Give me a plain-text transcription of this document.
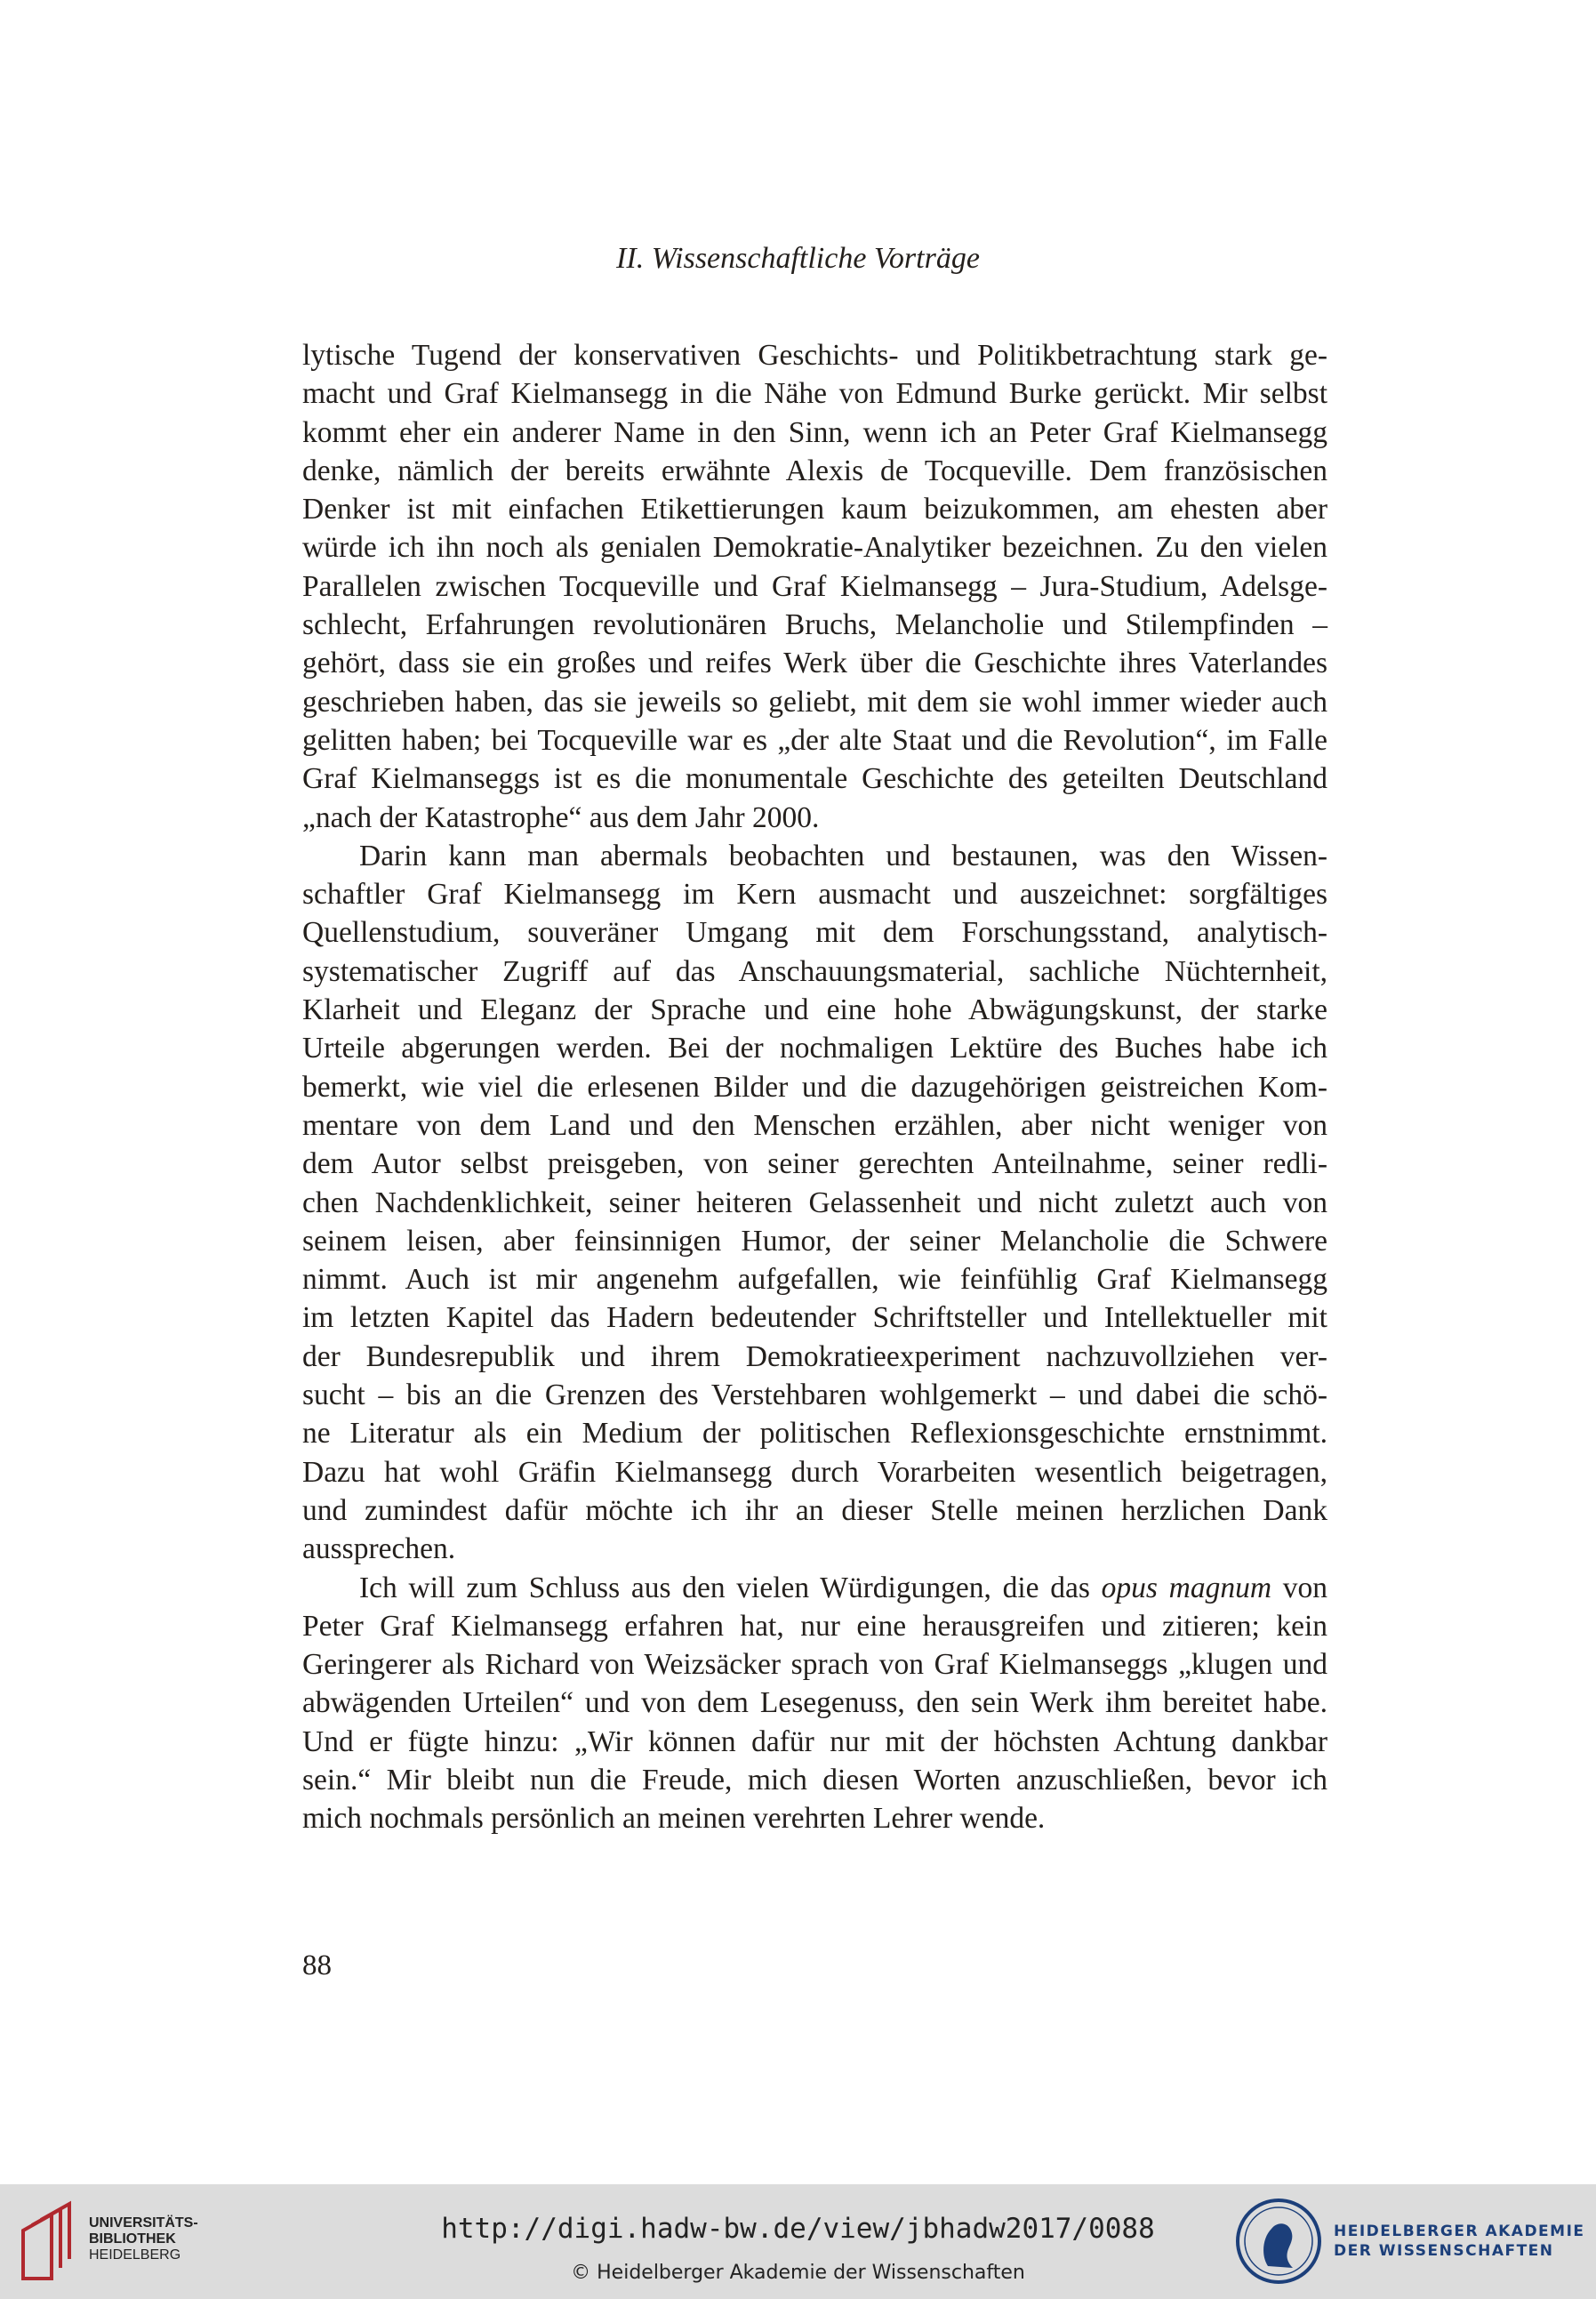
II. Wissenschaftliche Vorträge
lytische Tugend der konservativen Geschichts- und Politikbetrachtung stark ge-
macht und Graf Kielmansegg in die Nähe von Edmund Burke gerückt. Mir selbst
kommt eher ein anderer Name in den Sinn, wenn ich an Peter Graf Kielmansegg
denke, nämlich der bereits erwähnte Alexis de Tocqueville. Dem französischen
Denker ist mit einfachen Etikettierungen kaum beizukommen, am ehesten aber
würde ich ihn noch als genialen Demokratie-Analytiker bezeichnen. Zu den vielen
Parallelen zwischen Tocqueville und Graf Kielmansegg – Jura-Studium, Adelsge-
schlecht, Erfahrungen revolutionären Bruchs, Melancholie und Stilempfinden –
gehört, dass sie ein großes und reifes Werk über die Geschichte ihres Vaterlandes
geschrieben haben, das sie jeweils so geliebt, mit dem sie wohl immer wieder auch
gelitten haben; bei Tocqueville war es „der alte Staat und die Revolution“, im Falle
Graf Kielmanseggs ist es die monumentale Geschichte des geteilten Deutschland
„nach der Katastrophe“ aus dem Jahr 2000.
Darin kann man abermals beobachten und bestaunen, was den Wissen-
schaftler Graf Kielmansegg im Kern ausmacht und auszeichnet: sorgfältiges
Quellenstudium, souveräner Umgang mit dem Forschungsstand, analytisch-
systematischer Zugriff auf das Anschauungsmaterial, sachliche Nüchternheit,
Klarheit und Eleganz der Sprache und eine hohe Abwägungskunst, der starke
Urteile abgerungen werden. Bei der nochmaligen Lektüre des Buches habe ich
bemerkt, wie viel die erlesenen Bilder und die dazugehörigen geistreichen Kom-
mentare von dem Land und den Menschen erzählen, aber nicht weniger von
dem Autor selbst preisgeben, von seiner gerechten Anteilnahme, seiner redli-
chen Nachdenklichkeit, seiner heiteren Gelassenheit und nicht zuletzt auch von
seinem leisen, aber feinsinnigen Humor, der seiner Melancholie die Schwere
nimmt. Auch ist mir angenehm aufgefallen, wie feinfühlig Graf Kielmansegg
im letzten Kapitel das Hadern bedeutender Schriftsteller und Intellektueller mit
der Bundesrepublik und ihrem Demokratieexperiment nachzuvollziehen ver-
sucht – bis an die Grenzen des Verstehbaren wohlgemerkt – und dabei die schö-
ne Literatur als ein Medium der politischen Reflexionsgeschichte ernstnimmt.
Dazu hat wohl Gräfin Kielmansegg durch Vorarbeiten wesentlich beigetragen,
und zumindest dafür möchte ich ihr an dieser Stelle meinen herzlichen Dank
aussprechen.
Ich will zum Schluss aus den vielen Würdigungen, die das opus magnum von
Peter Graf Kielmansegg erfahren hat, nur eine herausgreifen und zitieren; kein
Geringerer als Richard von Weizsäcker sprach von Graf Kielmanseggs „klugen und
abwägenden Urteilen“ und von dem Lesegenuss, den sein Werk ihm bereitet habe.
Und er fügte hinzu: „Wir können dafür nur mit der höchsten Achtung dankbar
sein.“ Mir bleibt nun die Freude, mich diesen Worten anzuschließen, bevor ich
mich nochmals persönlich an meinen verehrten Lehrer wende.
88
UNIVERSITÄTS-
BIBLIOTHEK
HEIDELBERG
http://digi.hadw-bw.de/view/jbhadw2017/0088
© Heidelberger Akademie der Wissenschaften
HEIDELBERGER AKADEMIE
DER WISSENSCHAFTEN
